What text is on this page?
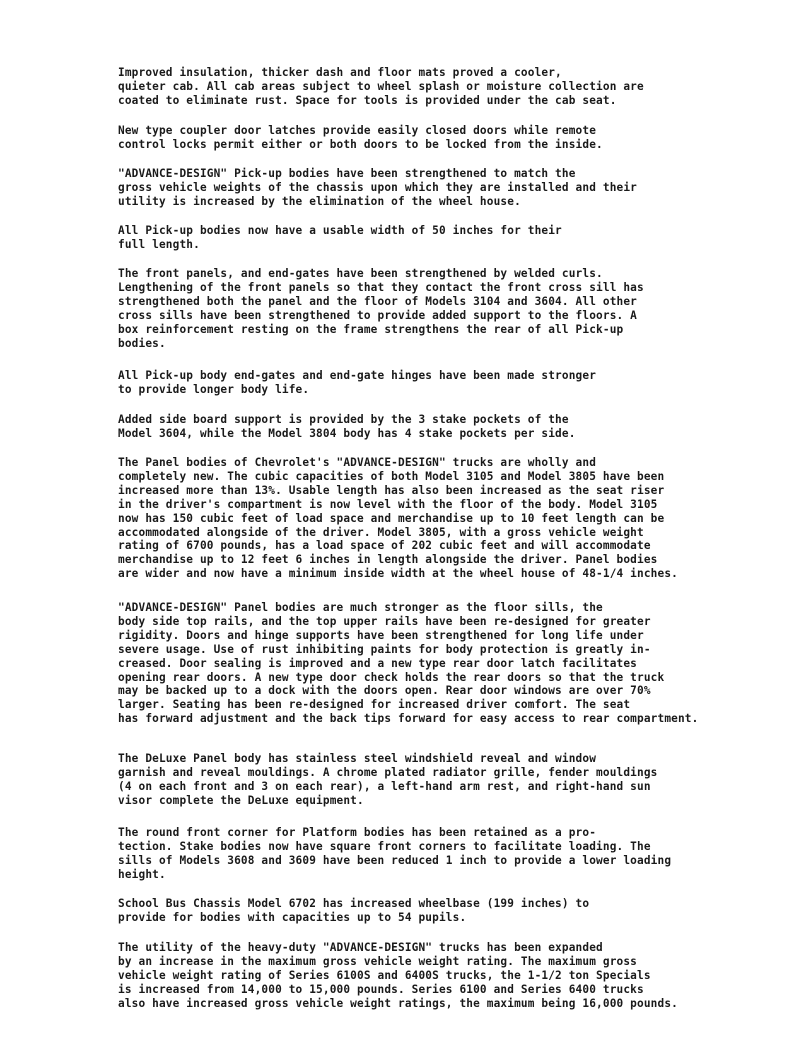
Improved insulation, thicker dash and floor mats proved a cooler,
quieter cab. All cab areas subject to wheel splash or moisture collection are
coated to eliminate rust. Space for tools is provided under the cab seat.

New type coupler door latches provide easily closed doors while remote
control locks permit either or both doors to be locked from the inside.

"ADVANCE-DESIGN" Pick-up bodies have been strengthened to match the
gross vehicle weights of the chassis upon which they are installed and their
utility is increased by the elimination of the wheel house.

All Pick-up bodies now have a usable width of 50 inches for their
full length.

The front panels, and end-gates have been strengthened by welded curls.
Lengthening of the front panels so that they contact the front cross sill has
strengthened both the panel and the floor of Models 3104 and 3604. All other
cross sills have been strengthened to provide added support to the floors. A
box reinforcement resting on the frame strengthens the rear of all Pick-up
bodies.

All Pick-up body end-gates and end-gate hinges have been made stronger
to provide longer body life.

Added side board support is provided by the 3 stake pockets of the
Model 3604, while the Model 3804 body has 4 stake pockets per side.

The Panel bodies of Chevrolet's "ADVANCE-DESIGN" trucks are wholly and
completely new. The cubic capacities of both Model 3105 and Model 3805 have been
increased more than 13%. Usable length has also been increased as the seat riser
in the driver's compartment is now level with the floor of the body. Model 3105
now has 150 cubic feet of load space and merchandise up to 10 feet length can be
accommodated alongside of the driver. Model 3805, with a gross vehicle weight
rating of 6700 pounds, has a load space of 202 cubic feet and will accommodate
merchandise up to 12 feet 6 inches in length alongside the driver. Panel bodies
are wider and now have a minimum inside width at the wheel house of 48-1/4 inches.

"ADVANCE-DESIGN" Panel bodies are much stronger as the floor sills, the
body side top rails, and the top upper rails have been re-designed for greater
rigidity. Doors and hinge supports have been strengthened for long life under
severe usage. Use of rust inhibiting paints for body protection is greatly in-
creased. Door sealing is improved and a new type rear door latch facilitates
opening rear doors. A new type door check holds the rear doors so that the truck
may be backed up to a dock with the doors open. Rear door windows are over 70%
larger. Seating has been re-designed for increased driver comfort. The seat
has forward adjustment and the back tips forward for easy access to rear compartment.

The DeLuxe Panel body has stainless steel windshield reveal and window
garnish and reveal mouldings. A chrome plated radiator grille, fender mouldings
(4 on each front and 3 on each rear), a left-hand arm rest, and right-hand sun
visor complete the DeLuxe equipment.

The round front corner for Platform bodies has been retained as a pro-
tection. Stake bodies now have square front corners to facilitate loading. The
sills of Models 3608 and 3609 have been reduced 1 inch to provide a lower loading
height.

School Bus Chassis Model 6702 has increased wheelbase (199 inches) to
provide for bodies with capacities up to 54 pupils.

The utility of the heavy-duty "ADVANCE-DESIGN" trucks has been expanded
by an increase in the maximum gross vehicle weight rating. The maximum gross
vehicle weight rating of Series 6100S and 6400S trucks, the 1-1/2 ton Specials
is increased from 14,000 to 15,000 pounds. Series 6100 and Series 6400 trucks
also have increased gross vehicle weight ratings, the maximum being 16,000 pounds.
